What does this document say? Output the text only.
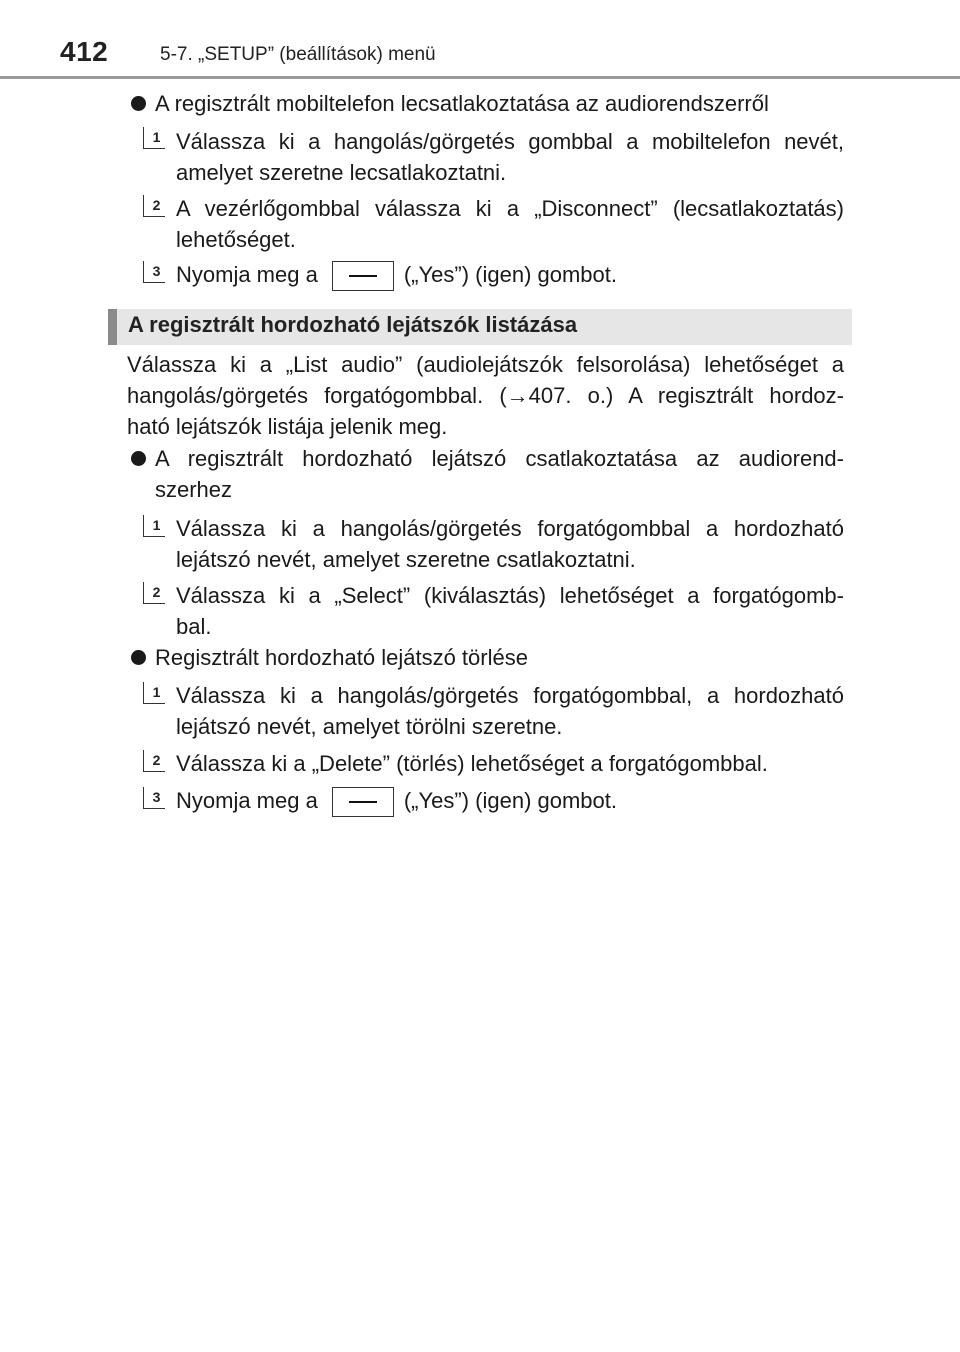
412	5-7. „SETUP” (beállítások) menü
A regisztrált mobiltelefon lecsatlakoztatása az audiorendszerről
1 Válassza ki a hangolás/görgetés gombbal a mobiltelefon nevét,
amelyet szeretne lecsatlakoztatni.
2 A vezérlőgombbal válassza ki a „Disconnect” (lecsatlakoztatás)
lehetőséget.
3 Nyomja meg a	(„Yes”) (igen) gombot.
A regisztrált hordozható lejátszók listázása
Válassza ki a „List audio” (audiolejátszók felsorolása) lehetőséget a
hangolás/görgetés forgatógombbal. (→407. o.) A regisztrált hordoz-
ható lejátszók listája jelenik meg.
A regisztrált hordozható lejátszó csatlakoztatása az audiorend-
szerhez
1 Válassza ki a hangolás/görgetés forgatógombbal a hordozható
lejátszó nevét, amelyet szeretne csatlakoztatni.
2 Válassza ki a „Select” (kiválasztás) lehetőséget a forgatógomb-
bal.
Regisztrált hordozható lejátszó törlése
1 Válassza ki a hangolás/görgetés forgatógombbal, a hordozható
lejátszó nevét, amelyet törölni szeretne.
2 Válassza ki a „Delete” (törlés) lehetőséget a forgatógombbal.
3 Nyomja meg a	(„Yes”) (igen) gombot.
